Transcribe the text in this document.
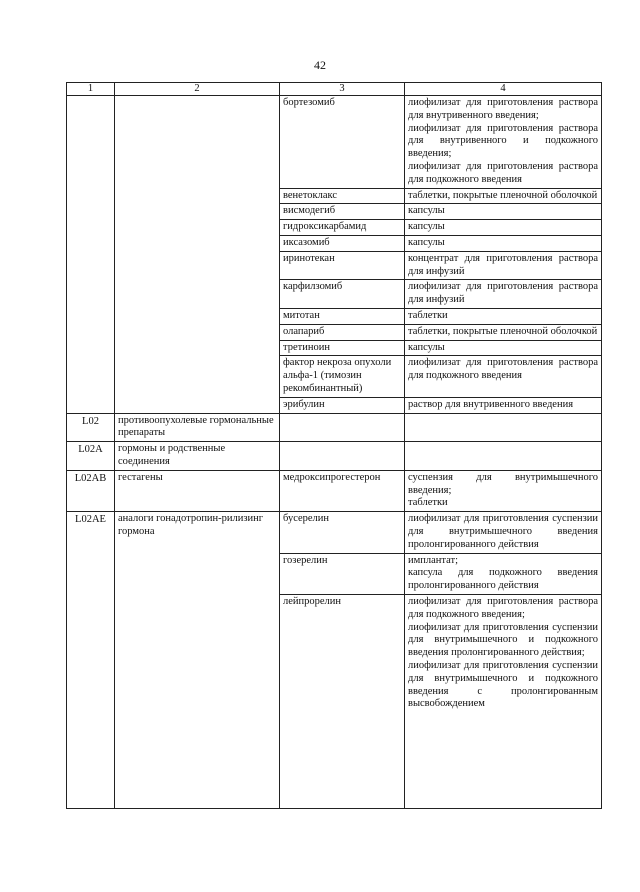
42
1	2	3	4
		бортезомиб	лиофилизат для приготовления раствора для внутривенного введения;
лиофилизат для приготовления раствора для внутривенного и подкожного введения;
лиофилизат для приготовления раствора для подкожного введения

		венетоклакс	таблетки, покрытые пленочной оболочкой

		висмодегиб	капсулы

		гидроксикарбамид	капсулы

		иксазомиб	капсулы

		иринотекан	концентрат для приготовления раствора для инфузий

		карфилзомиб	лиофилизат для приготовления раствора для инфузий

		митотан	таблетки

		олапариб	таблетки, покрытые пленочной оболочкой

		третиноин	капсулы

		фактор некроза опухоли альфа-1 (тимозин рекомбинантный)	лиофилизат для приготовления раствора для подкожного введения

		эрибулин	раствор для внутривенного введения

L02	противоопухолевые гормональные препараты		
L02A	гормоны и родственные соединения		
L02AB	гестагены	медроксипрогестерон	суспензия для внутримышечного введения;
таблетки

L02AE	аналоги гонадотропин-рилизинг гормона	бусерелин	лиофилизат для приготовления суспензии для внутримышечного введения пролонгированного действия

		гозерелин	имплантат;
капсула для подкожного введения пролонгированного действия

		лейпрорелин	лиофилизат для приготовления раствора для подкожного введения;
лиофилизат для приготовления суспензии для внутримышечного и подкожного введения пролонгированного действия;
лиофилизат для приготовления суспензии для внутримышечного и подкожного введения с пролонгированным высвобождением
